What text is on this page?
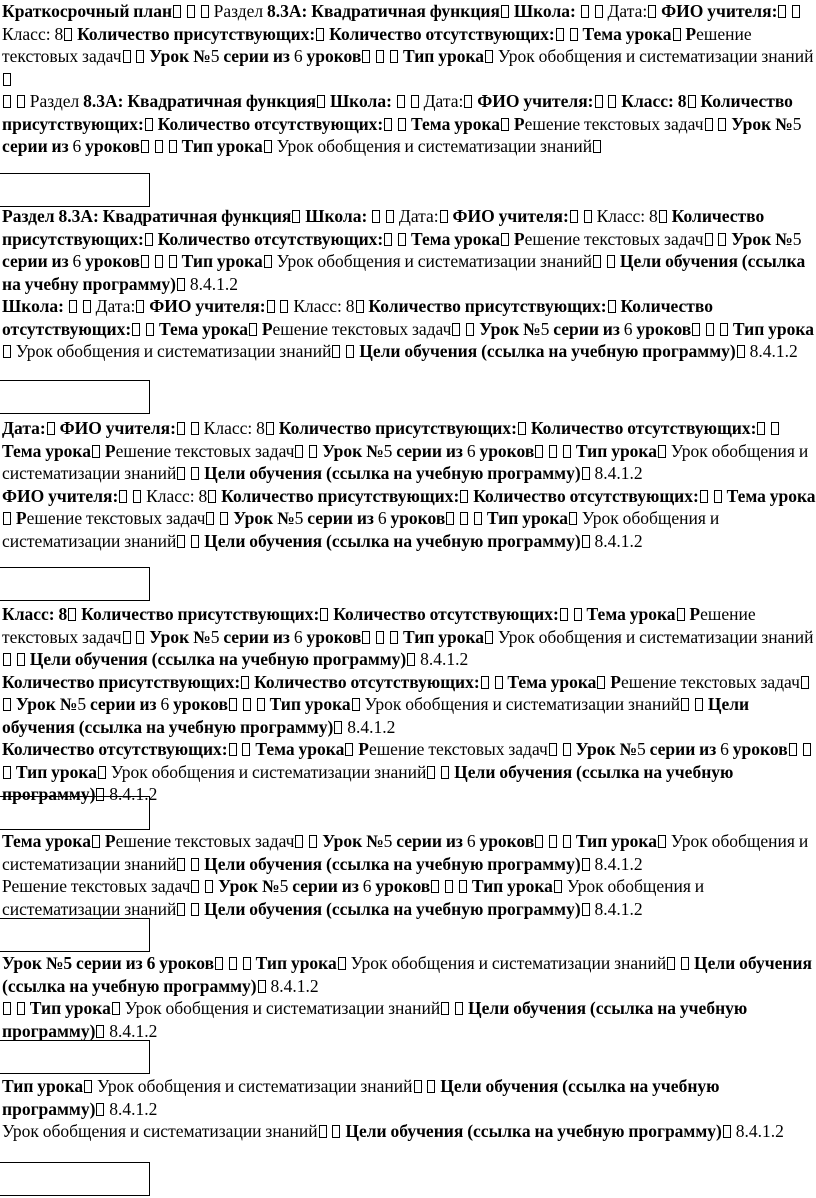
Краткосрочный план   Раздел 8.3А: Квадратичная функция Школа:   Дата: ФИО учителя:  Класс: 8 Количество присутствующих: Количество отсутствующих: Тема урока Решение текстовых задач Урок №5 серии из 6 уроков Тип урока Урок обобщения и систематизации знаний
Раздел 8.3А: Квадратичная функция Школа:   Дата: ФИО учителя: Класс: 8 Количество присутствующих: Количество отсутствующих: Тема урока Решение текстовых задач Урок №5 серии из 6 уроков Тип урока Урок обобщения и систематизации знаний
Раздел 8.3А: Квадратичная функция Школа:   Дата: ФИО учителя:  Класс: 8 Количество присутствующих: Количество отсутствующих: Тема урока Решение текстовых задач Урок №5 серии из 6 уроков Тип урока Урок обобщения и систематизации знаний Цели обучения (ссылка на учебну программу) 8.4.1.2
Школа:   Дата: ФИО учителя:  Класс: 8 Количество присутствующих: Количество отсутствующих: Тема урока Решение текстовых задач Урок №5 серии из 6 уроков Тип урока Урок обобщения и систематизации знаний Цели обучения (ссылка на учебную программу) 8.4.1.2
Дата: ФИО учителя:  Класс: 8 Количество присутствующих: Количество отсутствующих:  Тема урока Решение текстовых задач Урок №5 серии из 6 уроков Тип урока Урок обобщения и систематизации знаний Цели обучения (ссылка на учебную программу) 8.4.1.2
ФИО учителя:  Класс: 8 Количество присутствующих: Количество отсутствующих: Тема урока Решение текстовых задач Урок №5 серии из 6 уроков Тип урока Урок обобщения и систематизации знаний Цели обучения (ссылка на учебную программу) 8.4.1.2
Класс: 8 Количество присутствующих: Количество отсутствующих: Тема урока Решение текстовых задач Урок №5 серии из 6 уроков Тип урока Урок обобщения и систематизации знаний  Цели обучения (ссылка на учебную программу) 8.4.1.2
Количество присутствующих: Количество отсутствующих: Тема урока Решение текстовых задач  Урок №5 серии из 6 уроков Тип урока Урок обобщения и систематизации знаний Цели обучения (ссылка на учебную программу) 8.4.1.2
Количество отсутствующих: Тема урока Решение текстовых задач Урок №5 серии из 6 уроков   Тип урока Урок обобщения и систематизации знаний Цели обучения (ссылка на учебную программу) 8.4.1.2
Тема урока Решение текстовых задач Урок №5 серии из 6 уроков Тип урока Урок обобщения и систематизации знаний Цели обучения (ссылка на учебную программу) 8.4.1.2
Решение текстовых задач Урок №5 серии из 6 уроков Тип урока Урок обобщения и систематизации знаний Цели обучения (ссылка на учебную программу) 8.4.1.2
Урок №5 серии из 6 уроков Тип урока Урок обобщения и систематизации знаний Цели обучения (ссылка на учебную программу) 8.4.1.2
Тип урока Урок обобщения и систематизации знаний Цели обучения (ссылка на учебную программу) 8.4.1.2
Тип урока Урок обобщения и систематизации знаний Цели обучения (ссылка на учебную программу) 8.4.1.2
Урок обобщения и систематизации знаний Цели обучения (ссылка на учебную программу) 8.4.1.2
